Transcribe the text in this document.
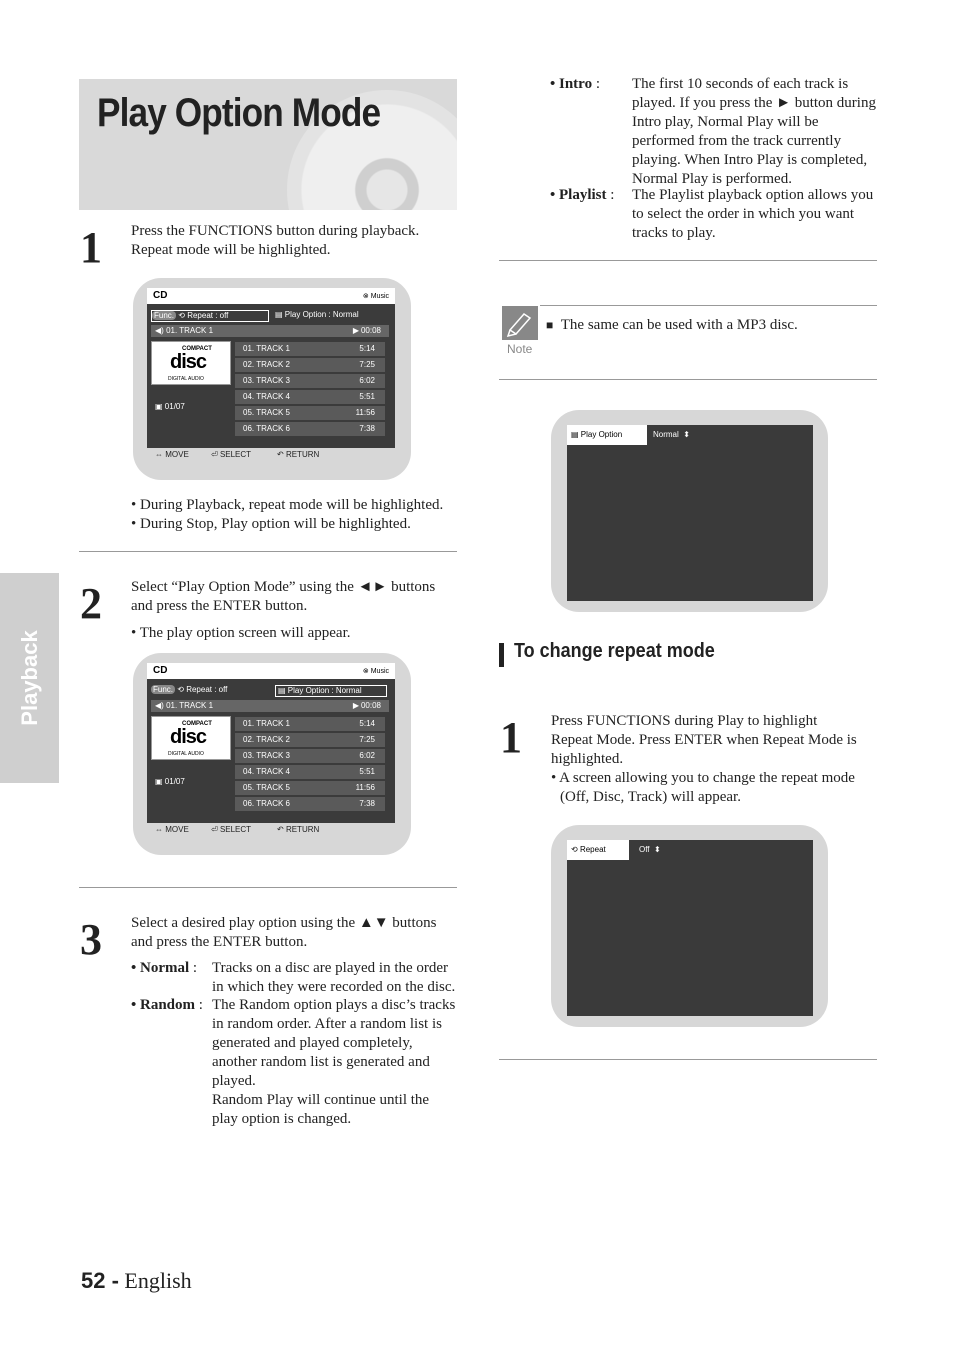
Play Option Mode
Playback
1 Press the FUNCTIONS button during playback.
Repeat mode will be highlighted.
CD	⊗ Music
Func. ⟲ Repeat : off	▤ Play Option : Normal
◀) 01. TRACK 1	▶ 00:08
COMPACT
disc
DIGITAL AUDIO
▣ 01/07
01. TRACK 1	5:14
02. TRACK 2	7:25
03. TRACK 3	6:02
04. TRACK 4	5:51
05. TRACK 5	11:56
06. TRACK 6	7:38
⇔ MOVE	⏎ SELECT	↶ RETURN
• During Playback, repeat mode will be highlighted.
• During Stop, Play option will be highlighted.
2 Select “Play Option Mode” using the ◄► buttons
and press the ENTER button.
• The play option screen will appear.
CD	⊗ Music
Func. ⟲ Repeat : off	▤ Play Option : Normal
◀) 01. TRACK 1	▶ 00:08
COMPACT
disc
DIGITAL AUDIO
▣ 01/07
01. TRACK 1	5:14
02. TRACK 2	7:25
03. TRACK 3	6:02
04. TRACK 4	5:51
05. TRACK 5	11:56
06. TRACK 6	7:38
⇔ MOVE	⏎ SELECT	↶ RETURN
3 Select a desired play option using the ▲▼ buttons
and press the ENTER button.
• Normal : Tracks on a disc are played in the order
in which they were recorded on the disc.
• Random : The Random option plays a disc’s tracks
in random order. After a random list is
generated and played completely,
another random list is generated and
played.
Random Play will continue until the
play option is changed.
52 - English
• Intro : The first 10 seconds of each track is
played. If you press the ► button during
Intro play, Normal Play will be
performed from the track currently
playing. When Intro Play is completed,
Normal Play is performed.
• Playlist : The Playlist playback option allows you
to select the order in which you want
tracks to play.
Note
■ The same can be used with a MP3 disc.
▤ Play Option	Normal ⬍
To change repeat mode
1 Press FUNCTIONS during Play to highlight
Repeat Mode. Press ENTER when Repeat Mode is
highlighted.
• A screen allowing you to change the repeat mode
(Off, Disc, Track) will appear.
⟲ Repeat	Off ⬍
